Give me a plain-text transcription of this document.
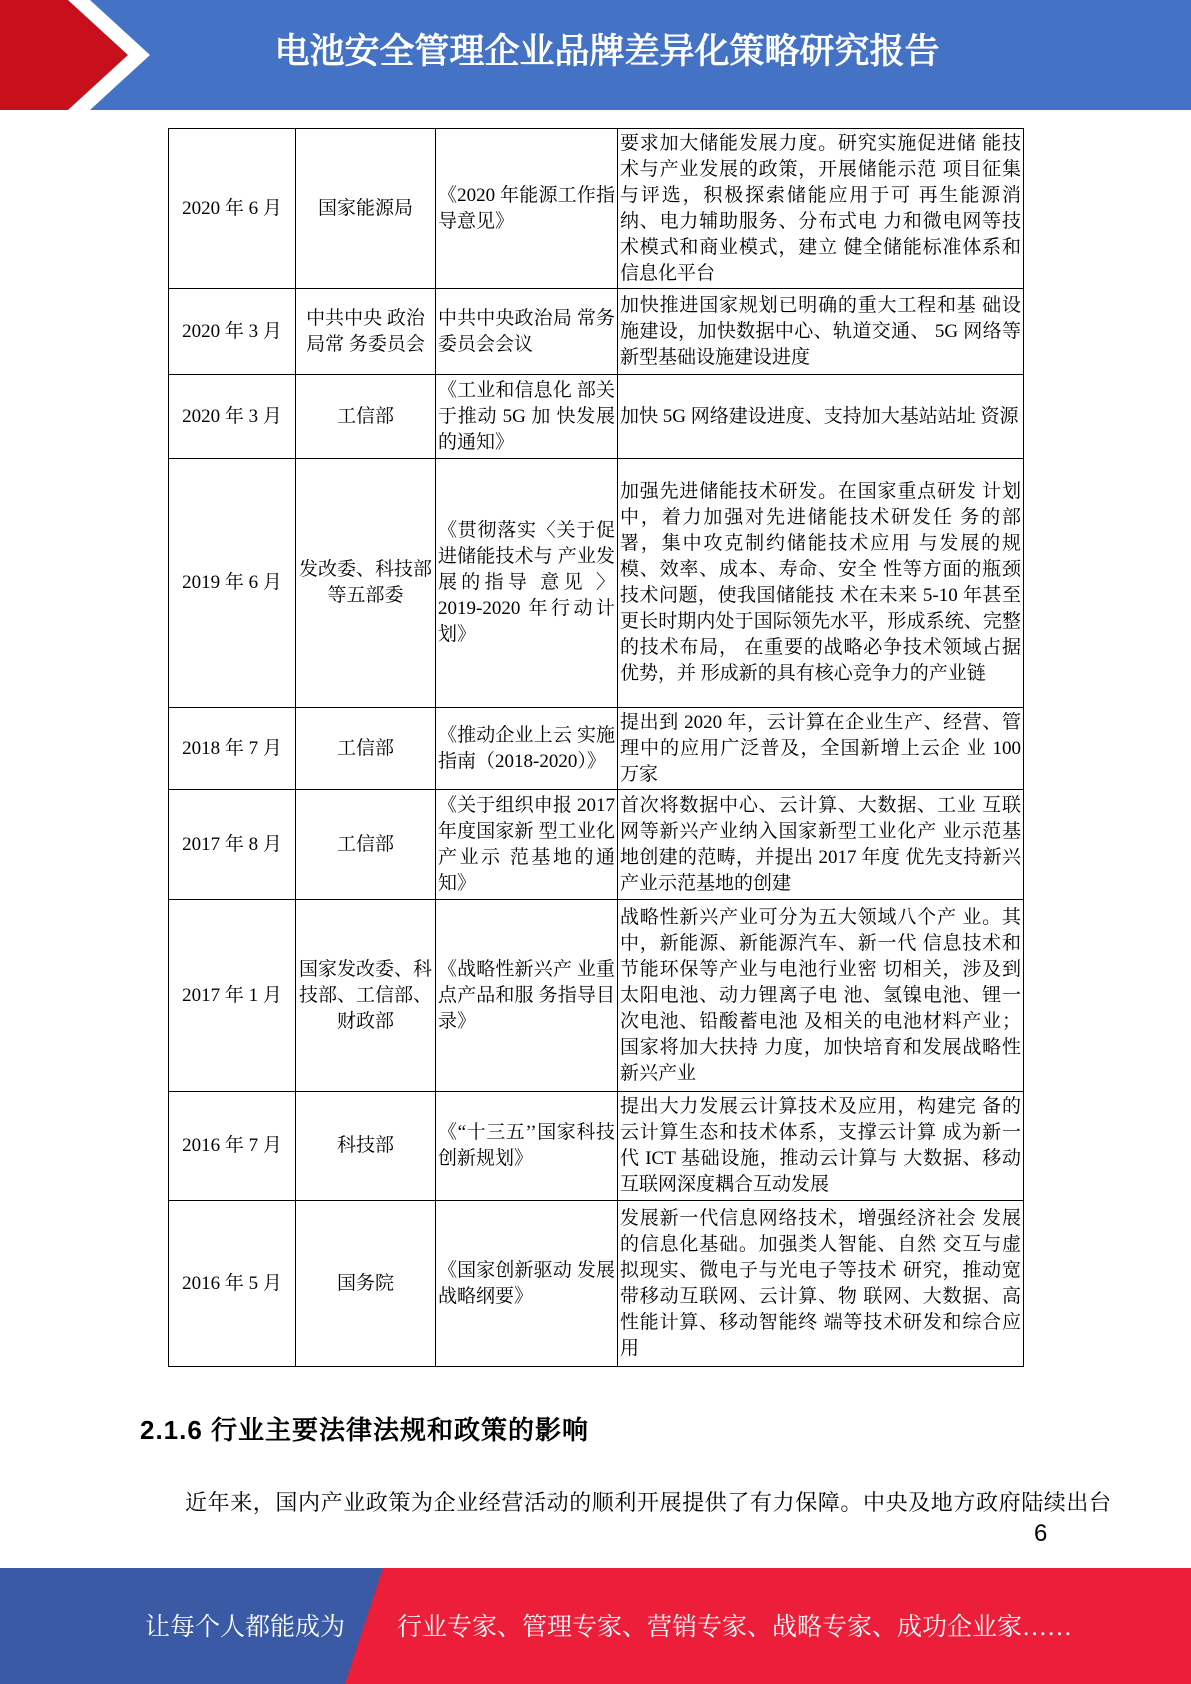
电池安全管理企业品牌差异化策略研究报告
2020 年 6 月	国家能源局	《2020 年能源工作指导意见》	要求加大储能发展力度。研究实施促进储 能技术与产业发展的政策，开展储能示范 项目征集与评选，积极探索储能应用于可 再生能源消纳、电力辅助服务、分布式电 力和微电网等技术模式和商业模式，建立 健全储能标准体系和信息化平台
2020 年 3 月	中共中央 政治局常 务委员会	中共中央政治局 常务委员会会议	加快推进国家规划已明确的重大工程和基 础设施建设，加快数据中心、轨道交通、 5G 网络等新型基础设施建设进度
2020 年 3 月	工信部	《工业和信息化 部关于推动 5G 加 快发展的通知》	加快 5G 网络建设进度、支持加大基站站址 资源
2019 年 6 月	发改委、科技部等五部委	《贯彻落实〈关于促进储能技术与 产业发展的指导 意见 〉2019-2020 年行动计划》	加强先进储能技术研发。在国家重点研发 计划中，着力加强对先进储能技术研发任 务的部署，集中攻克制约储能技术应用 与发展的规模、效率、成本、寿命、安全 性等方面的瓶颈技术问题，使我国储能技 术在未来 5-10 年甚至更长时期内处于国际领先水平，形成系统、完整的技术布局， 在重要的战略必争技术领域占据优势，并 形成新的具有核心竞争力的产业链
2018 年 7 月	工信部	《推动企业上云 实施指南（2018-2020）》	提出到 2020 年，云计算在企业生产、经营、管理中的应用广泛普及，全国新增上云企 业 100 万家
2017 年 8 月	工信部	《关于组织申报 2017 年度国家新 型工业化产业示 范基地的通知》	首次将数据中心、云计算、大数据、工业 互联网等新兴产业纳入国家新型工业化产 业示范基地创建的范畴，并提出 2017 年度 优先支持新兴产业示范基地的创建
2017 年 1 月	国家发改委、科技部、工信部、财政部	《战略性新兴产 业重点产品和服 务指导目录》	战略性新兴产业可分为五大领域八个产 业。其中，新能源、新能源汽车、新一代 信息技术和节能环保等产业与电池行业密 切相关，涉及到太阳电池、动力锂离子电 池、氢镍电池、锂一次电池、铅酸蓄电池 及相关的电池材料产业；国家将加大扶持 力度，加快培育和发展战略性新兴产业
2016 年 7 月	科技部	《“十三五’’国家科技创新规划》	提出大力发展云计算技术及应用，构建完 备的云计算生态和技术体系，支撑云计算 成为新一代 ICT 基础设施，推动云计算与 大数据、移动互联网深度耦合互动发展
2016 年 5 月	国务院	《国家创新驱动 发展战略纲要》	发展新一代信息网络技术，增强经济社会 发展的信息化基础。加强类人智能、自然 交互与虚拟现实、微电子与光电子等技术 研究，推动宽带移动互联网、云计算、物 联网、大数据、高性能计算、移动智能终 端等技术研发和综合应用
2.1.6 行业主要法律法规和政策的影响
近年来，国内产业政策为企业经营活动的顺利开展提供了有力保障。中央及地方政府陆续出台
6
让每个人都能成为 行业专家、管理专家、营销专家、战略专家、成功企业家……
